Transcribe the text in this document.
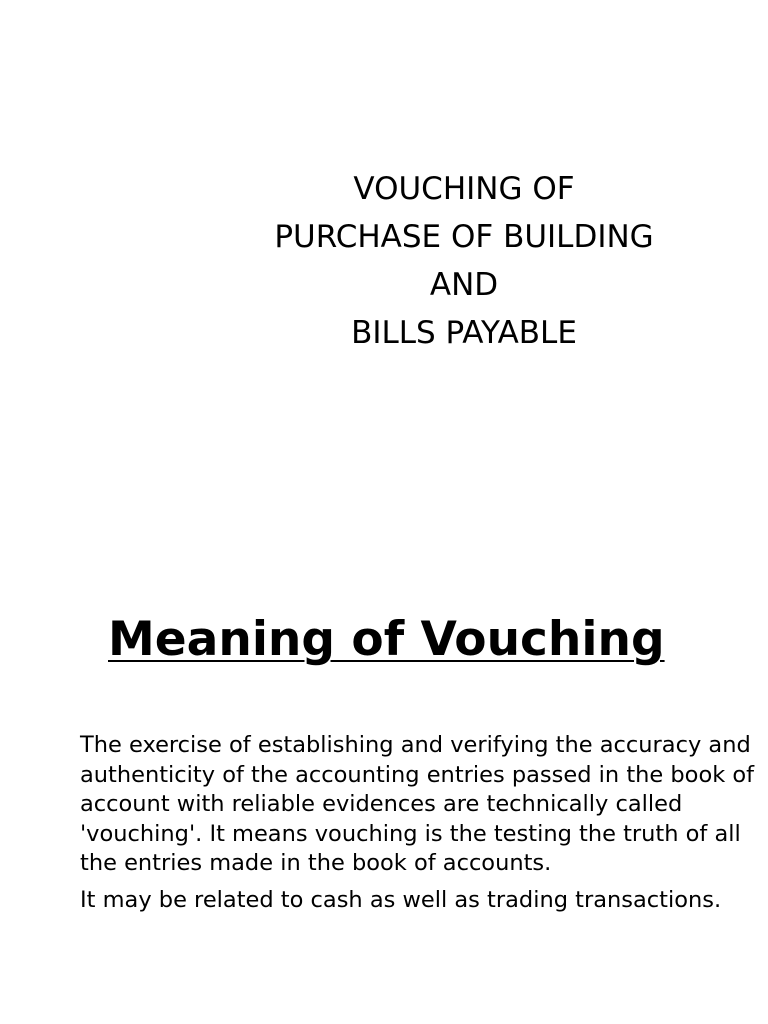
VOUCHING OF
PURCHASE OF BUILDING
AND
BILLS PAYABLE
Meaning of Vouching

The exercise of establishing and verifying the accuracy and authenticity of the accounting entries passed in the book of account with reliable evidences are technically called 'vouching'. It means vouching is the testing the truth of all the entries made in the book of accounts.

It may be related to cash as well as trading transactions.
